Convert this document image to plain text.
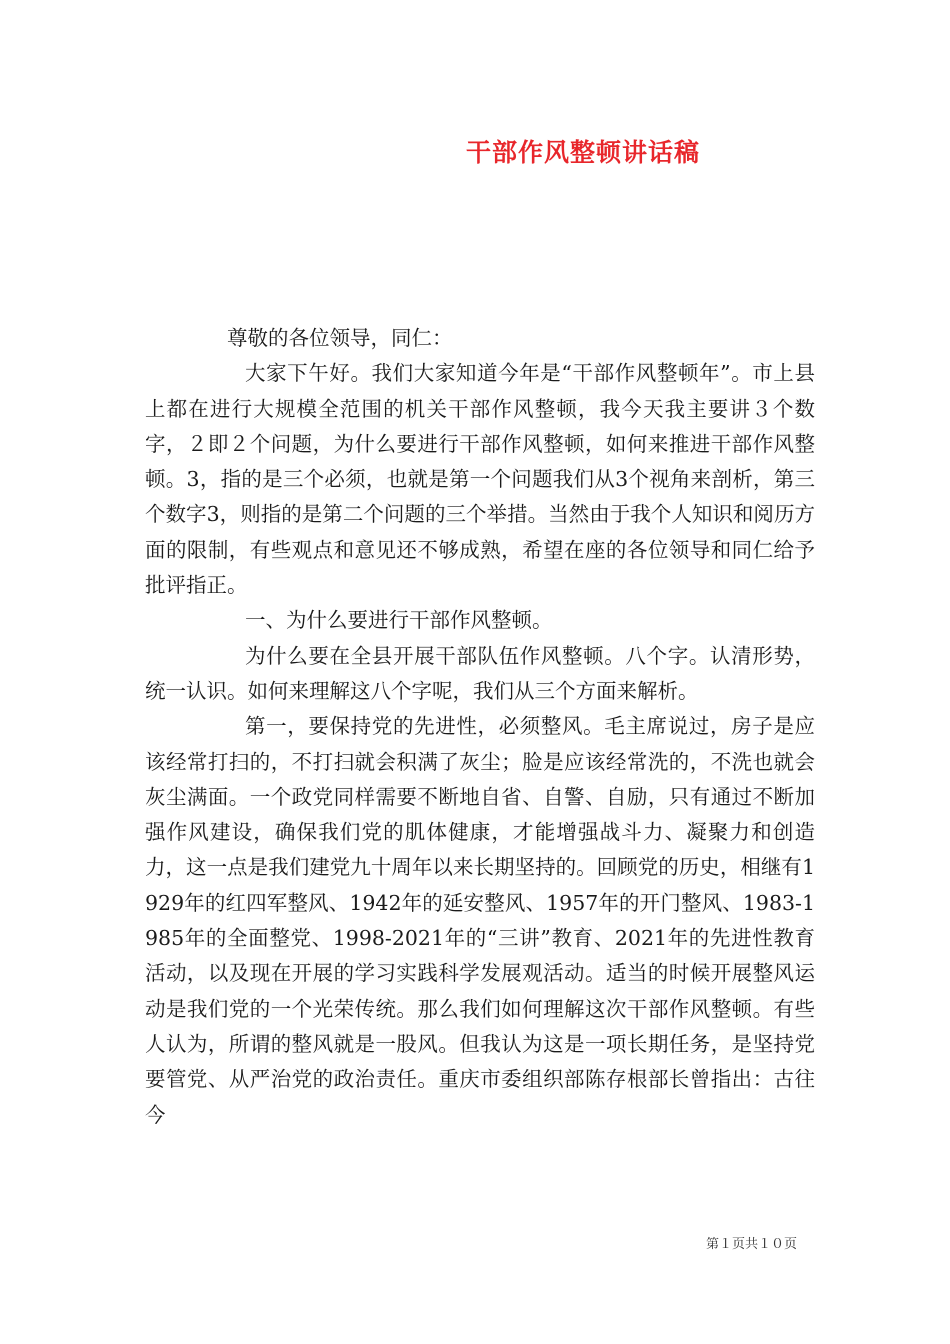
干部作风整顿讲话稿

尊敬的各位领导，同仁：

大家下午好。我们大家知道今年是“干部作风整顿年”。市上县上都在进行大规模全范围的机关干部作风整顿，我今天我主要讲３个数字，２即２个问题，为什么要进行干部作风整顿，如何来推进干部作风整顿。3，指的是三个必须，也就是第一个问题我们从3个视角来剖析，第三个数字3，则指的是第二个问题的三个举措。当然由于我个人知识和阅历方面的限制，有些观点和意见还不够成熟，希望在座的各位领导和同仁给予批评指正。

一、为什么要进行干部作风整顿。

为什么要在全县开展干部队伍作风整顿。八个字。认清形势，统一认识。如何来理解这八个字呢，我们从三个方面来解析。

第一，要保持党的先进性，必须整风。毛主席说过，房子是应该经常打扫的，不打扫就会积满了灰尘；脸是应该经常洗的，不洗也就会灰尘满面。一个政党同样需要不断地自省、自警、自励，只有通过不断加强作风建设，确保我们党的肌体健康，才能增强战斗力、凝聚力和创造力，这一点是我们建党九十周年以来长期坚持的。回顾党的历史，相继有1929年的红四军整风、1942年的延安整风、1957年的开门整风、1983-1985年的全面整党、1998-2021年的“三讲”教育、2021年的先进性教育活动，以及现在开展的学习实践科学发展观活动。适当的时候开展整风运动是我们党的一个光荣传统。那么我们如何理解这次干部作风整顿。有些人认为，所谓的整风就是一股风。但我认为这是一项长期任务，是坚持党要管党、从严治党的政治责任。重庆市委组织部陈存根部长曾指出：古往今

第１页共１０页
